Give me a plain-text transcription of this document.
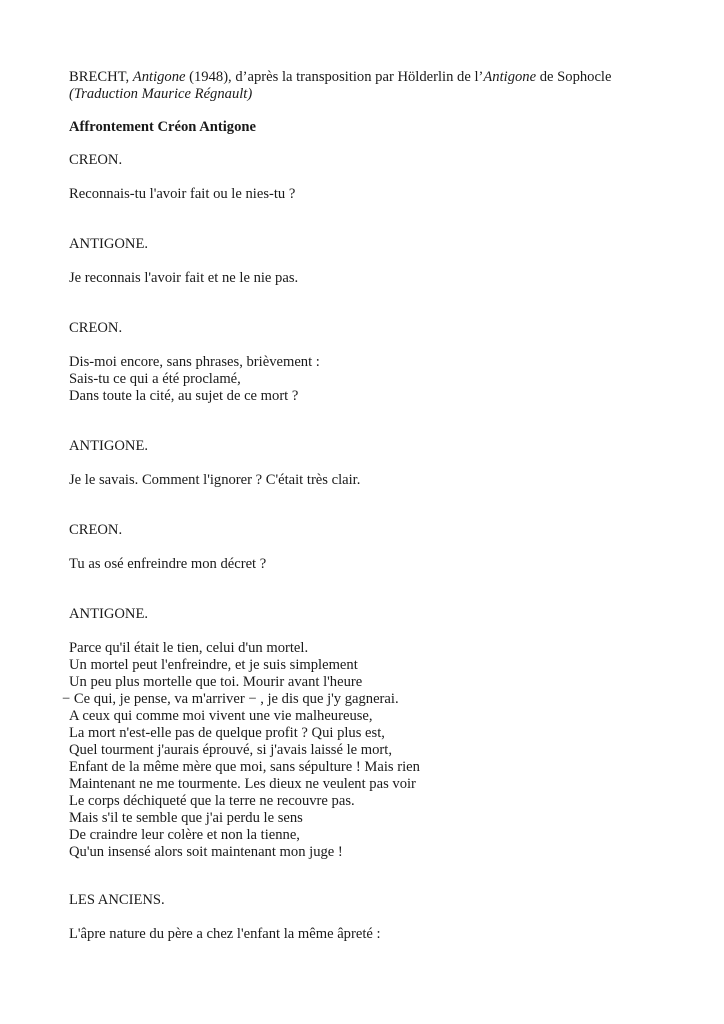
BRECHT, Antigone (1948), d’après la transposition par Hölderlin de l’Antigone de Sophocle
(Traduction Maurice Régnault)
Affrontement Créon Antigone
CREON.
Reconnais-tu l'avoir fait ou le nies-tu ?
ANTIGONE.
Je reconnais l'avoir fait et ne le nie pas.
CREON.
Dis-moi encore, sans phrases, brièvement :
Sais-tu ce qui a été proclamé,
Dans toute la cité, au sujet de ce mort ?
ANTIGONE.
Je le savais. Comment l'ignorer ? C'était très clair.
CREON.
Tu as osé enfreindre mon décret ?
ANTIGONE.
Parce qu'il était le tien, celui d'un mortel.
Un mortel peut l'enfreindre, et je suis simplement
Un peu plus mortelle que toi. Mourir avant l'heure
− Ce qui, je pense, va m'arriver − , je dis que j'y gagnerai.
A ceux qui comme moi vivent une vie malheureuse,
La mort n'est-elle pas de quelque profit ? Qui plus est,
Quel tourment j'aurais éprouvé, si j'avais laissé le mort,
Enfant de la même mère que moi, sans sépulture ! Mais rien
Maintenant ne me tourmente. Les dieux ne veulent pas voir
Le corps déchiqueté que la terre ne recouvre pas.
Mais s'il te semble que j'ai perdu le sens
De craindre leur colère et non la tienne,
Qu'un insensé alors soit maintenant mon juge !
LES ANCIENS.
L'âpre nature du père a chez l'enfant la même âpreté :
